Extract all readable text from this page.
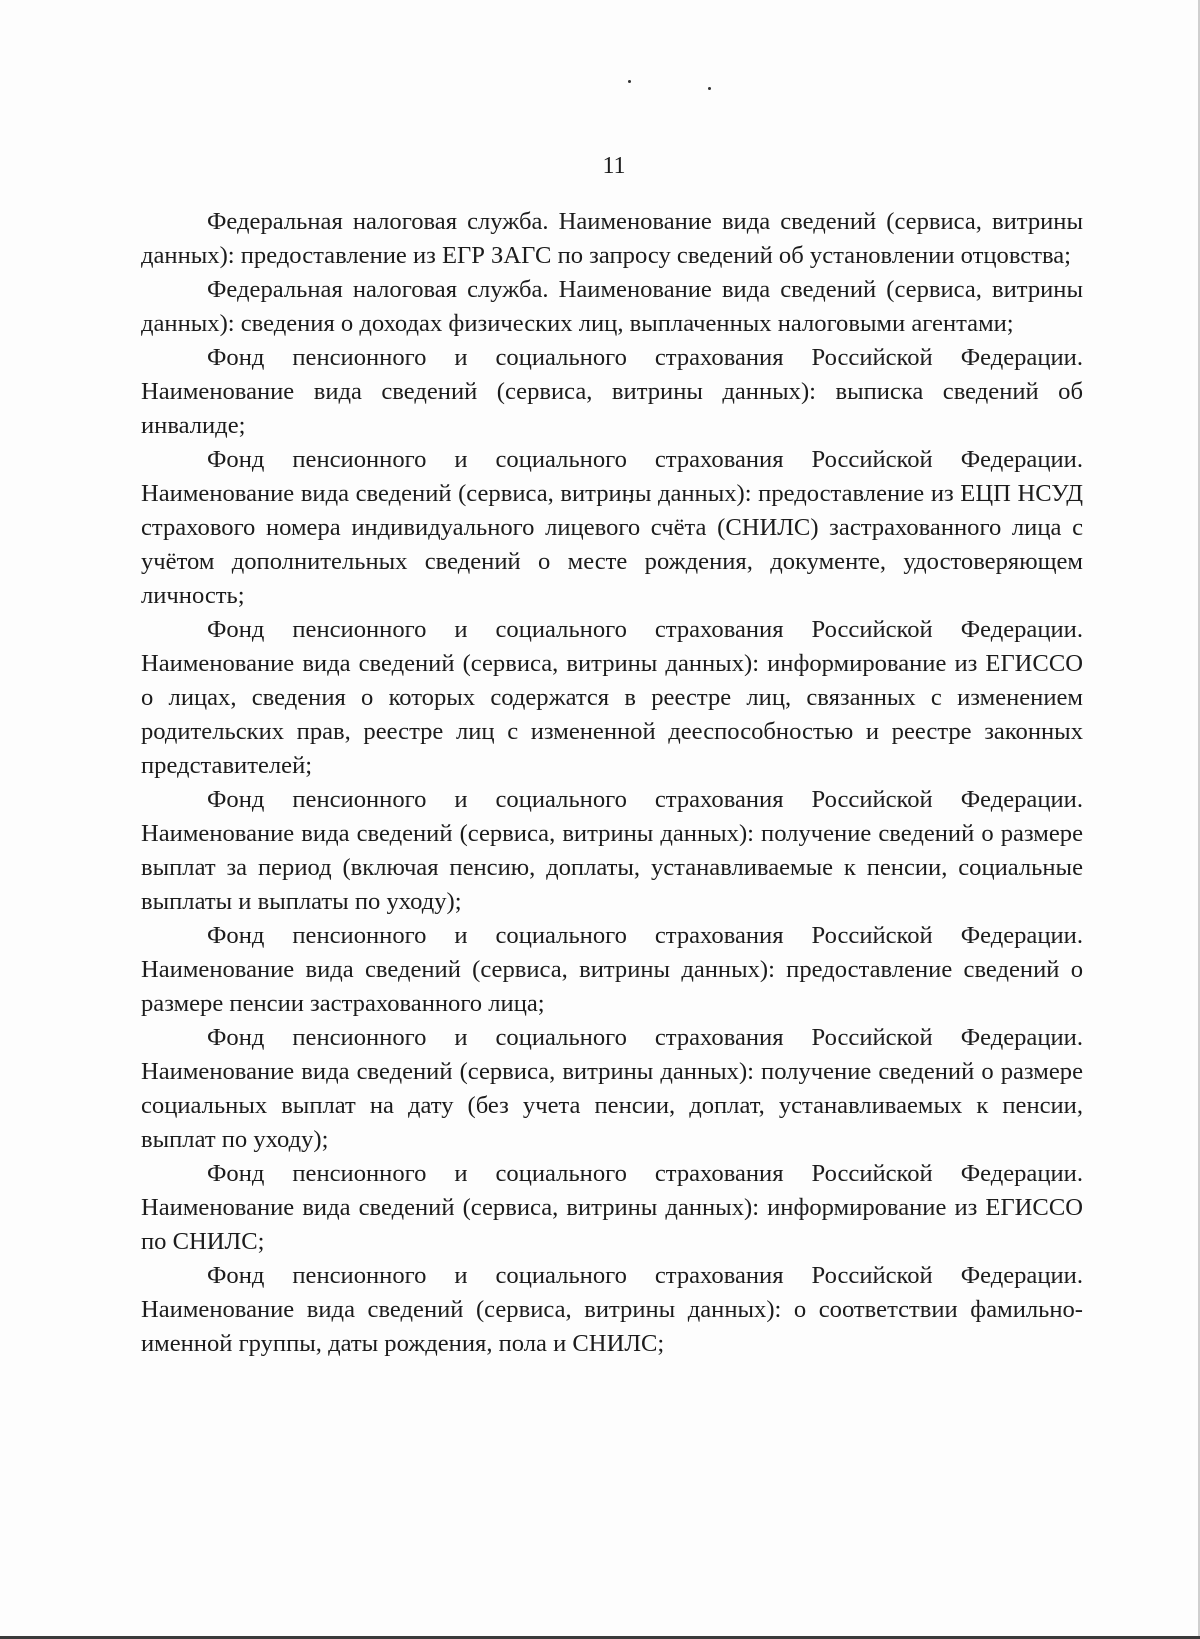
11

Федеральная налоговая служба. Наименование вида сведений (сервиса, витрины данных): предоставление из ЕГР ЗАГС по запросу сведений об установлении отцовства;

Федеральная налоговая служба. Наименование вида сведений (сервиса, витрины данных): сведения о доходах физических лиц, выплаченных налоговыми агентами;

Фонд пенсионного и социального страхования Российской Федерации. Наименование вида сведений (сервиса, витрины данных): выписка сведений об инвалиде;

Фонд пенсионного и социального страхования Российской Федерации. Наименование вида сведений (сервиса, витрины данных): предоставление из ЕЦП НСУД страхового номера индивидуального лицевого счёта (СНИЛС) застрахованного лица с учётом дополнительных сведений о месте рождения, документе, удостоверяющем личность;

Фонд пенсионного и социального страхования Российской Федерации. Наименование вида сведений (сервиса, витрины данных): информирование из ЕГИССО о лицах, сведения о которых содержатся в реестре лиц, связанных с изменением родительских прав, реестре лиц с измененной дееспособностью и реестре законных представителей;

Фонд пенсионного и социального страхования Российской Федерации. Наименование вида сведений (сервиса, витрины данных): получение сведений о размере выплат за период (включая пенсию, доплаты, устанавливаемые к пенсии, социальные выплаты и выплаты по уходу);

Фонд пенсионного и социального страхования Российской Федерации. Наименование вида сведений (сервиса, витрины данных): предоставление сведений о размере пенсии застрахованного лица;

Фонд пенсионного и социального страхования Российской Федерации. Наименование вида сведений (сервиса, витрины данных): получение сведений о размере социальных выплат на дату (без учета пенсии, доплат, устанавливаемых к пенсии, выплат по уходу);

Фонд пенсионного и социального страхования Российской Федерации. Наименование вида сведений (сервиса, витрины данных): информирование из ЕГИССО по СНИЛС;

Фонд пенсионного и социального страхования Российской Федерации. Наименование вида сведений (сервиса, витрины данных): о соответствии фамильно-именной группы, даты рождения, пола и СНИЛС;
